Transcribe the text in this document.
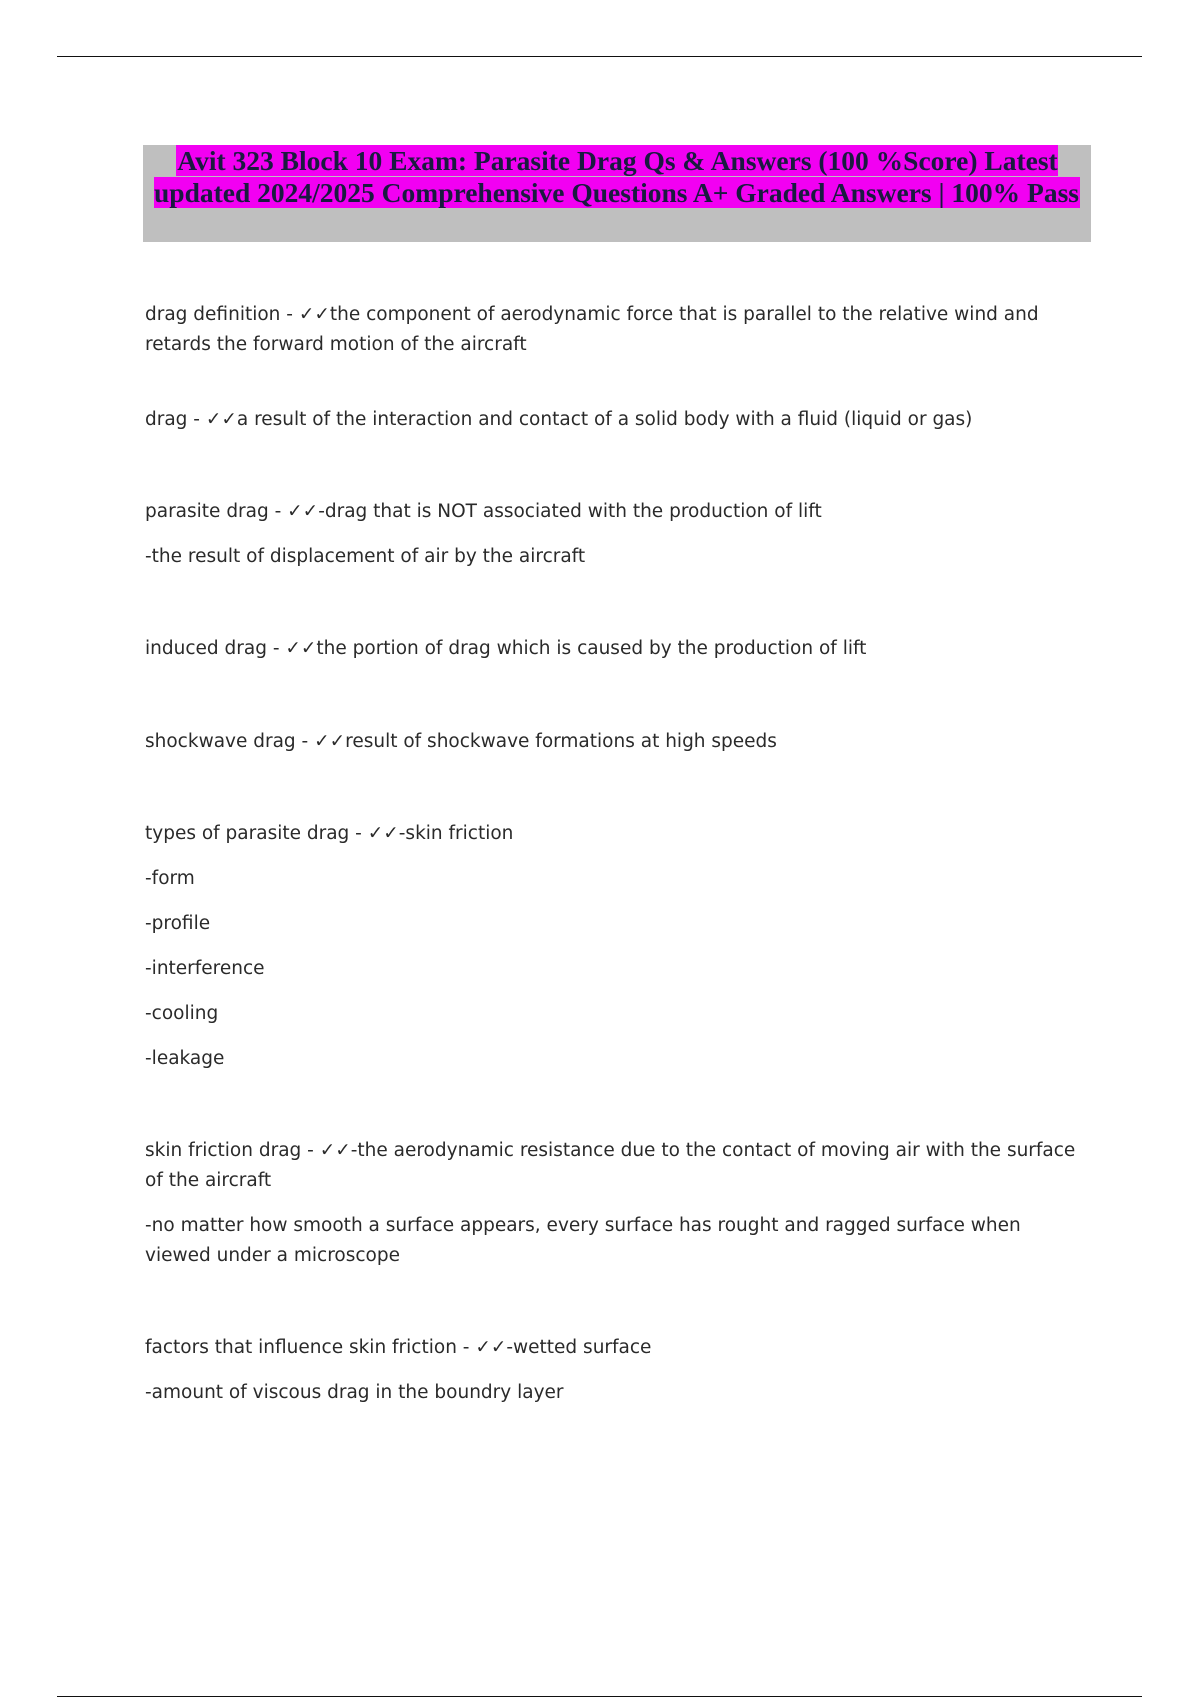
Avit 323 Block 10 Exam: Parasite Drag Qs & Answers (100 %Score) Latest updated 2024/2025 Comprehensive Questions A+ Graded Answers | 100% Pass

drag definition - ✓✓the component of aerodynamic force that is parallel to the relative wind and retards the forward motion of the aircraft

drag - ✓✓a result of the interaction and contact of a solid body with a fluid (liquid or gas)

parasite drag - ✓✓-drag that is NOT associated with the production of lift

-the result of displacement of air by the aircraft

induced drag - ✓✓the portion of drag which is caused by the production of lift

shockwave drag - ✓✓result of shockwave formations at high speeds

types of parasite drag - ✓✓-skin friction

-form

-profile

-interference

-cooling

-leakage

skin friction drag - ✓✓-the aerodynamic resistance due to the contact of moving air with the surface of the aircraft

-no matter how smooth a surface appears, every surface has rought and ragged surface when viewed under a microscope

factors that influence skin friction - ✓✓-wetted surface

-amount of viscous drag in the boundry layer
